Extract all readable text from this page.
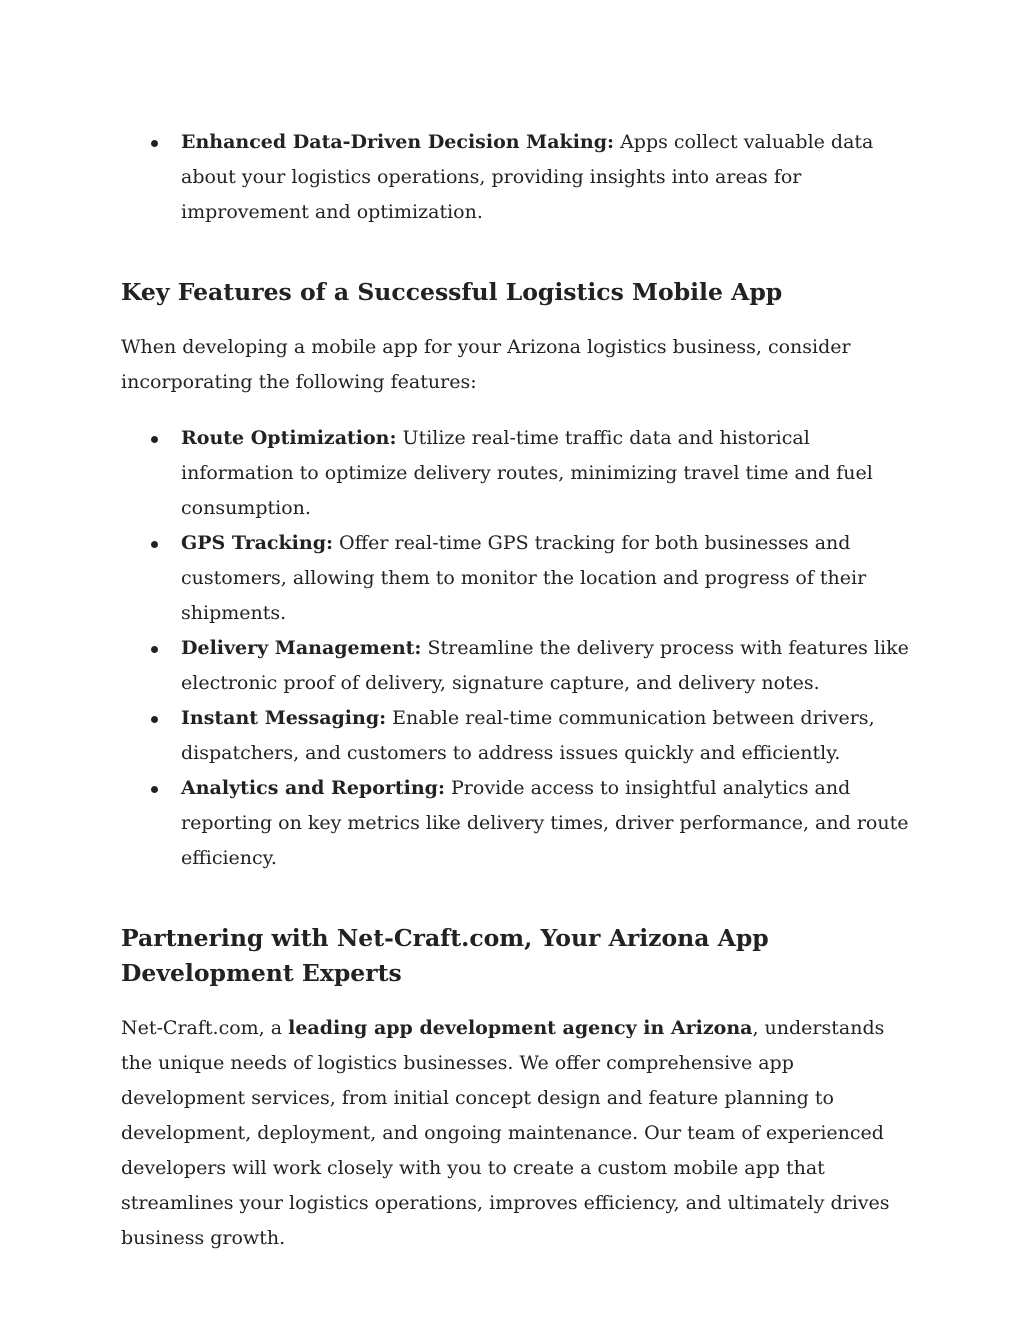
Enhanced Data-Driven Decision Making: Apps collect valuable data about your logistics operations, providing insights into areas for improvement and optimization.
Key Features of a Successful Logistics Mobile App

When developing a mobile app for your Arizona logistics business, consider incorporating the following features:

Route Optimization: Utilize real-time traffic data and historical information to optimize delivery routes, minimizing travel time and fuel consumption.
GPS Tracking: Offer real-time GPS tracking for both businesses and customers, allowing them to monitor the location and progress of their shipments.
Delivery Management: Streamline the delivery process with features like electronic proof of delivery, signature capture, and delivery notes.
Instant Messaging: Enable real-time communication between drivers, dispatchers, and customers to address issues quickly and efficiently.
Analytics and Reporting: Provide access to insightful analytics and reporting on key metrics like delivery times, driver performance, and route efficiency.
Partnering with Net-Craft.com, Your Arizona App Development Experts

Net-Craft.com, a leading app development agency in Arizona, understands the unique needs of logistics businesses. We offer comprehensive app development services, from initial concept design and feature planning to development, deployment, and ongoing maintenance. Our team of experienced developers will work closely with you to create a custom mobile app that streamlines your logistics operations, improves efficiency, and ultimately drives business growth.
